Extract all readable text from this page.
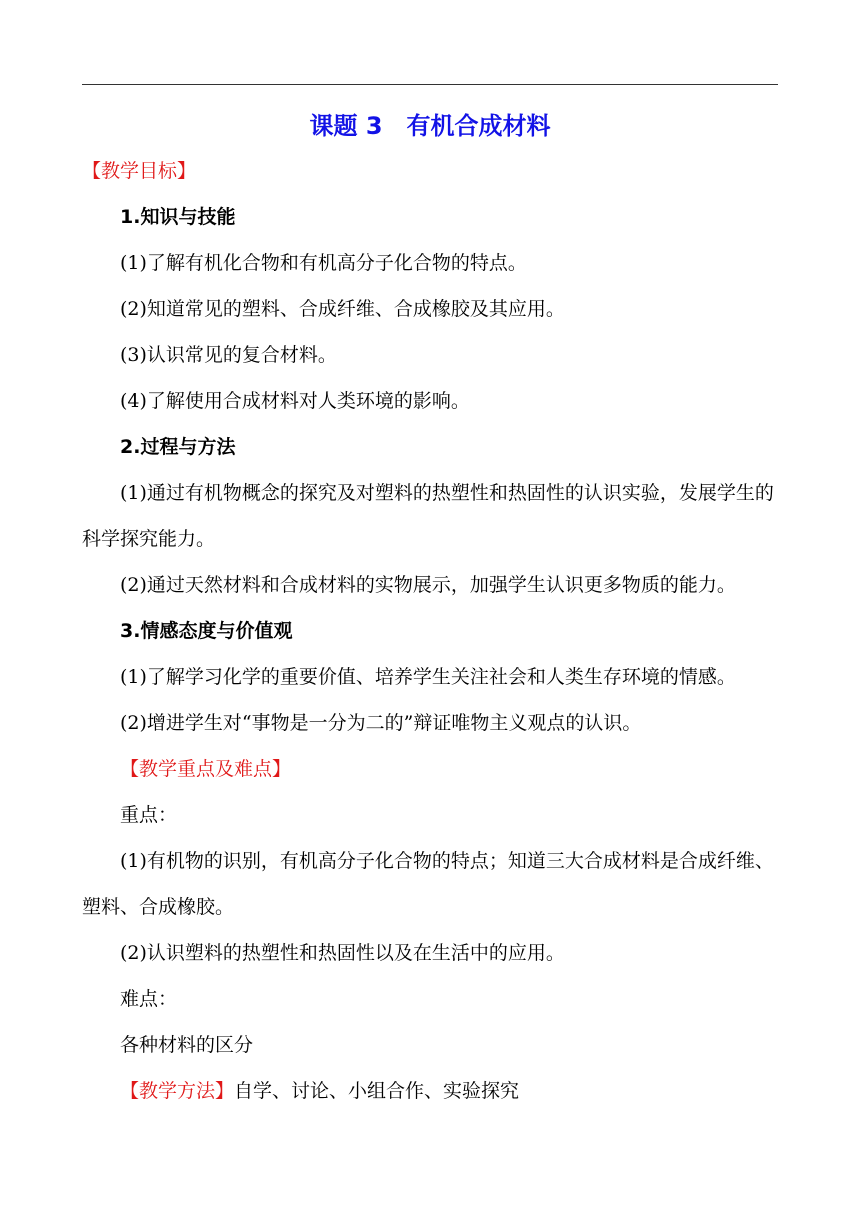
课题 3　有机合成材料
【教学目标】
1.知识与技能
(1)了解有机化合物和有机高分子化合物的特点。
(2)知道常见的塑料、合成纤维、合成橡胶及其应用。
(3)认识常见的复合材料。
(4)了解使用合成材料对人类环境的影响。
2.过程与方法
(1)通过有机物概念的探究及对塑料的热塑性和热固性的认识实验，发展学生的科学探究能力。
(2)通过天然材料和合成材料的实物展示，加强学生认识更多物质的能力。
3.情感态度与价值观
(1)了解学习化学的重要价值、培养学生关注社会和人类生存环境的情感。
(2)增进学生对“事物是一分为二的”辩证唯物主义观点的认识。
【教学重点及难点】
重点：
(1)有机物的识别，有机高分子化合物的特点；知道三大合成材料是合成纤维、塑料、合成橡胶。
(2)认识塑料的热塑性和热固性以及在生活中的应用。
难点：
各种材料的区分
【教学方法】自学、讨论、小组合作、实验探究
